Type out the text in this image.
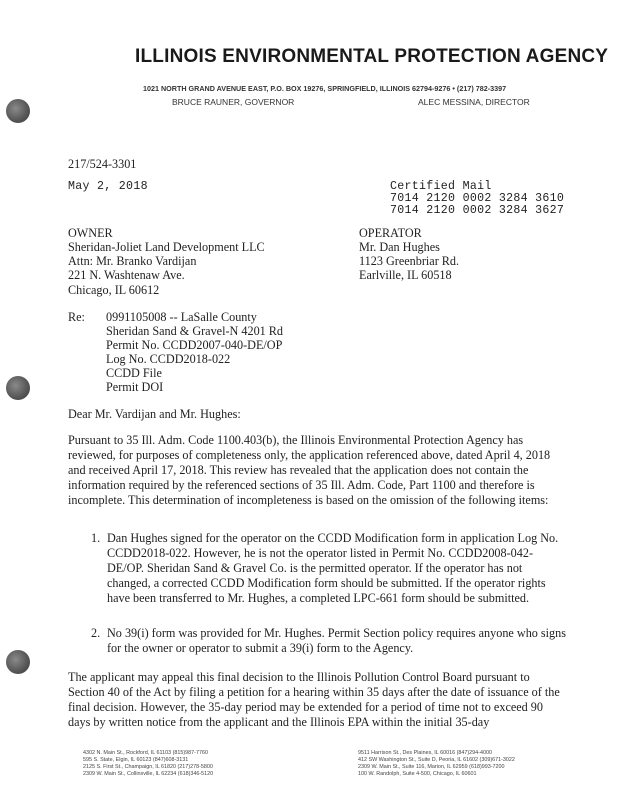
ILLINOIS ENVIRONMENTAL PROTECTION AGENCY
1021 NORTH GRAND AVENUE EAST, P.O. BOX 19276, SPRINGFIELD, ILLINOIS 62794-9276 • (217) 782-3397
BRUCE RAUNER, GOVERNOR	ALEC MESSINA, DIRECTOR
217/524-3301
May 2, 2018	Certified Mail
7014 2120 0002 3284 3610
7014 2120 0002 3284 3627
OWNER
Sheridan-Joliet Land Development LLC
Attn: Mr. Branko Vardijan
221 N. Washtenaw Ave.
Chicago, IL 60612
OPERATOR
Mr. Dan Hughes
1123 Greenbriar Rd.
Earlville, IL 60518
Re: 0991105008 -- LaSalle County
Sheridan Sand & Gravel-N 4201 Rd
Permit No. CCDD2007-040-DE/OP
Log No. CCDD2018-022
CCDD File
Permit DOI
Dear Mr. Vardijan and Mr. Hughes:
Pursuant to 35 Ill. Adm. Code 1100.403(b), the Illinois Environmental Protection Agency has reviewed, for purposes of completeness only, the application referenced above, dated April 4, 2018 and received April 17, 2018. This review has revealed that the application does not contain the information required by the referenced sections of 35 Ill. Adm. Code, Part 1100 and therefore is incomplete. This determination of incompleteness is based on the omission of the following items:
1. Dan Hughes signed for the operator on the CCDD Modification form in application Log No. CCDD2018-022. However, he is not the operator listed in Permit No. CCDD2008-042-DE/OP. Sheridan Sand & Gravel Co. is the permitted operator. If the operator has not changed, a corrected CCDD Modification form should be submitted. If the operator rights have been transferred to Mr. Hughes, a completed LPC-661 form should be submitted.
2. No 39(i) form was provided for Mr. Hughes. Permit Section policy requires anyone who signs for the owner or operator to submit a 39(i) form to the Agency.
The applicant may appeal this final decision to the Illinois Pollution Control Board pursuant to Section 40 of the Act by filing a petition for a hearing within 35 days after the date of issuance of the final decision. However, the 35-day period may be extended for a period of time not to exceed 90 days by written notice from the applicant and the Illinois EPA within the initial 35-day
4302 N. Main St., Rockford, IL 61103 (815)987-7760
595 S. State, Elgin, IL 60123 (847)608-3131
2125 S. First St., Champaign, IL 61820 (217)278-5800
2309 W. Main St., Collinsville, IL 62234 (618)346-5120
9511 Harrison St., Des Plaines, IL 60016 (847)294-4000
412 SW Washington St., Suite D, Peoria, IL 61602 (309)671-3022
2309 W. Main St., Suite 116, Marion, IL 62959 (618)993-7200
100 W. Randolph, Suite 4-500, Chicago, IL 60601
